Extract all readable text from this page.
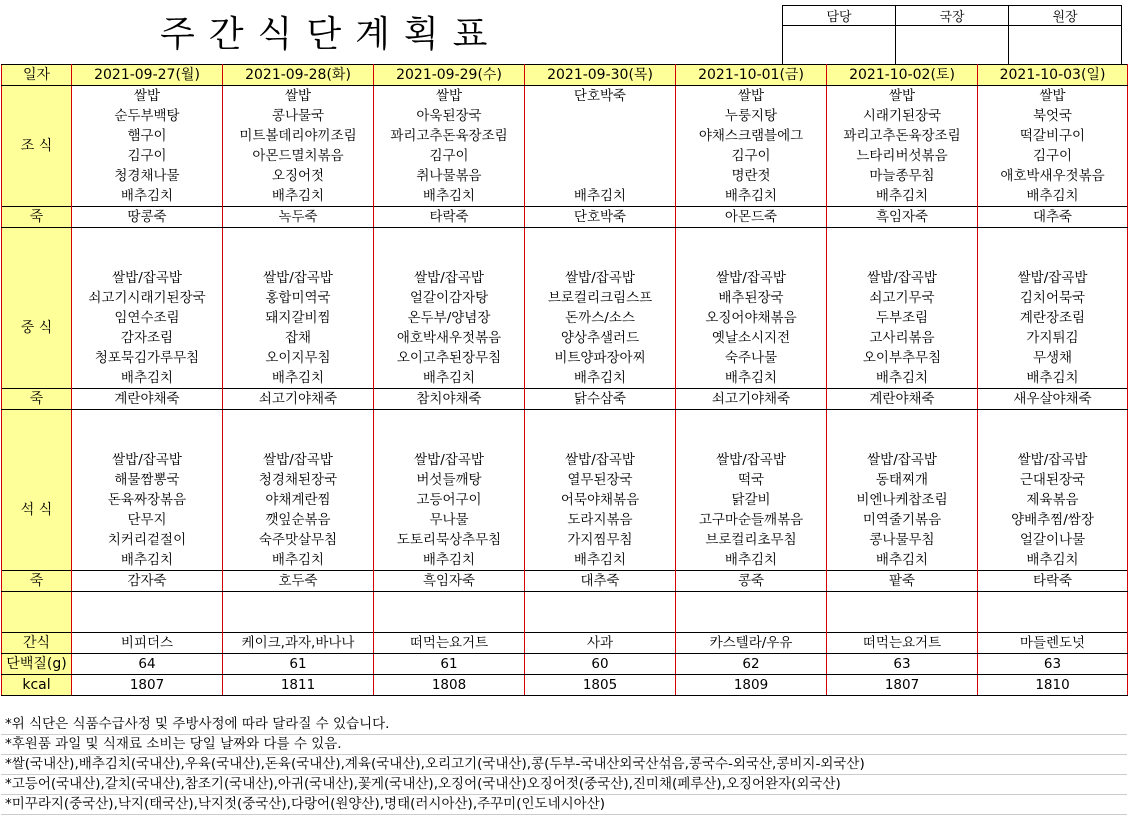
주간식단계획표	담당	국장	원장

일자	2021-09-27(월)	2021-09-28(화)	2021-09-29(수)	2021-09-30(목)	2021-10-01(금)	2021-10-02(토)	2021-10-03(일)
조 식	쌀밥	쌀밥	쌀밥	단호박죽	쌀밥	쌀밥	쌀밥
	순두부백탕	콩나물국	아욱된장국		누룽지탕	시래기된장국	북엇국
	햄구이	미트볼데리야끼조림	꽈리고추돈육장조림		야채스크램블에그	꽈리고추돈육장조림	떡갈비구이
	김구이	아몬드멸치볶음	김구이		김구이	느타리버섯볶음	김구이
	청경채나물	오징어젓	취나물볶음		명란젓	마늘종무침	애호박새우젓볶음
	배추김치	배추김치	배추김치	배추김치	배추김치	배추김치	배추김치
죽	땅콩죽	녹두죽	타락죽	단호박죽	아몬드죽	흑임자죽	대추죽

중 식	쌀밥/잡곡밥	쌀밥/잡곡밥	쌀밥/잡곡밥	쌀밥/잡곡밥	쌀밥/잡곡밥	쌀밥/잡곡밥	쌀밥/잡곡밥
	쇠고기시래기된장국	홍합미역국	얼갈이감자탕	브로컬리크림스프	배추된장국	쇠고기무국	김치어묵국
	임연수조림	돼지갈비찜	온두부/양념장	돈까스/소스	오징어야채볶음	두부조림	계란장조림
	감자조림	잡채	애호박새우젓볶음	양상추샐러드	옛날소시지전	고사리볶음	가지튀김
	청포묵김가루무침	오이지무침	오이고추된장무침	비트양파장아찌	숙주나물	오이부추무침	무생채
	배추김치	배추김치	배추김치	배추김치	배추김치	배추김치	배추김치
죽	계란야채죽	쇠고기야채죽	참치야채죽	닭수삼죽	쇠고기야채죽	계란야채죽	새우살야채죽

석 식	쌀밥/잡곡밥	쌀밥/잡곡밥	쌀밥/잡곡밥	쌀밥/잡곡밥	쌀밥/잡곡밥	쌀밥/잡곡밥	쌀밥/잡곡밥
	해물짬뽕국	청경채된장국	버섯들깨탕	열무된장국	떡국	동태찌개	근대된장국
	돈육짜장볶음	야채계란찜	고등어구이	어묵야채볶음	닭갈비	비엔나케찹조림	제육볶음
	단무지	깻잎순볶음	무나물	도라지볶음	고구마순들깨볶음	미역줄기볶음	양배추찜/쌈장
	치커리겉절이	숙주맛살무침	도토리묵상추무침	가지찜무침	브로컬리초무침	콩나물무침	얼갈이나물
	배추김치	배추김치	배추김치	배추김치	배추김치	배추김치	배추김치
죽	감자죽	호두죽	흑임자죽	대추죽	콩죽	팥죽	타락죽

간식	비피더스	케이크,과자,바나나	떠먹는요거트	사과	카스텔라/우유	떠먹는요거트	마들렌도넛
단백질(g)	64	61	61	60	62	63	63
kcal	1807	1811	1808	1805	1809	1807	1810
*위 식단은 식품수급사정 및 주방사정에 따라 달라질 수 있습니다.
*후원품 과일 및 식재료 소비는 당일 날짜와 다를 수 있음.
*쌀(국내산),배추김치(국내산),우육(국내산),돈육(국내산),계육(국내산),오리고기(국내산),콩(두부-국내산외국산섞음,콩국수-외국산,콩비지-외국산)
*고등어(국내산),갈치(국내산),참조기(국내산),아귀(국내산),꽃게(국내산),오징어(국내산)오징어젓(중국산),진미채(페루산),오징어완자(외국산)
*미꾸라지(중국산),낙지(태국산),낙지젓(중국산),다랑어(원양산),명태(러시아산),주꾸미(인도네시아산)
